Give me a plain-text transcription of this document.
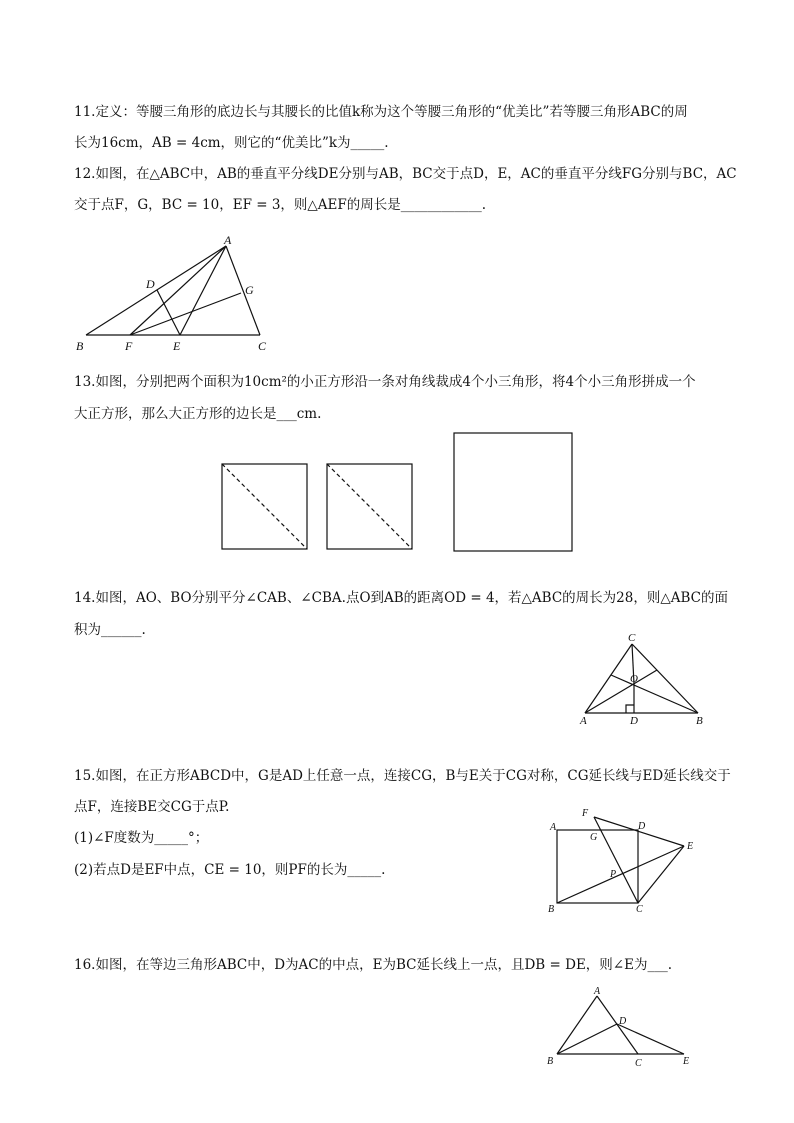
11.定义：等腰三角形的底边长与其腰长的比值k称为这个等腰三角形的“优美比”若等腰三角形ABC的周
长为16cm，AB = 4cm，则它的“优美比”k为_____.
12.如图，在△ABC中，AB的垂直平分线DE分别与AB，BC交于点D，E，AC的垂直平分线FG分别与BC，AC
交于点F，G，BC = 10，EF = 3，则△AEF的周长是____________.
A
B	C
D
E
F
G
13.如图，分别把两个面积为10cm²的小正方形沿一条对角线裁成4个小三角形，将4个小三角形拼成一个
大正方形，那么大正方形的边长是___cm.
14.如图，AO、BO分别平分∠CAB、∠CBA.点O到AB的距离OD = 4，若△ABC的周长为28，则△ABC的面
积为______.	C
O
A	D	B
15.如图，在正方形ABCD中，G是AD上任意一点，连接CG，B与E关于CG对称，CG延长线与ED延长线交于
点F，连接BE交CG于点P.
(1)∠F度数为_____°；
(2)若点D是EF中点，CE = 10，则PF的长为_____.
A
F
G
D
E
P
B	C
16.如图，在等边三角形ABC中，D为AC的中点，E为BC延长线上一点，且DB = DE，则∠E为___.
A
D
B	C	E
